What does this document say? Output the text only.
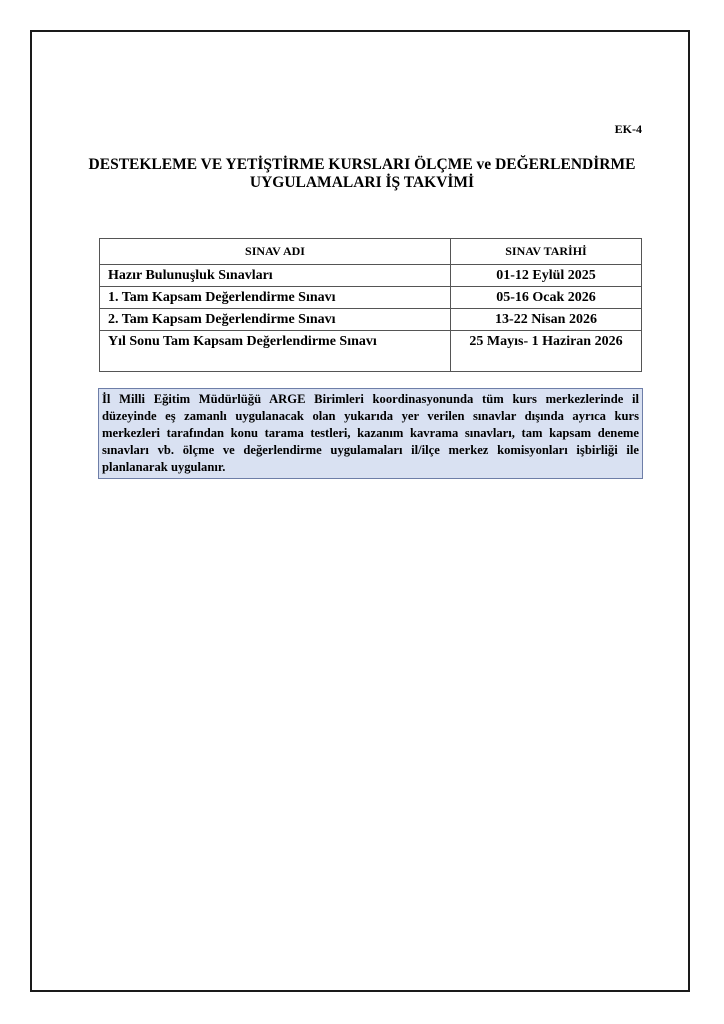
EK-4
DESTEKLEME VE YETİŞTİRME KURSLARI ÖLÇME ve DEĞERLENDİRME
UYGULAMALARI İŞ TAKVİMİ
SINAV ADI	SINAV TARİHİ
Hazır Bulunuşluk Sınavları	01-12 Eylül 2025
1. Tam Kapsam Değerlendirme Sınavı	05-16 Ocak 2026
2. Tam Kapsam Değerlendirme Sınavı	13-22 Nisan 2026
Yıl Sonu Tam Kapsam Değerlendirme Sınavı	25 Mayıs- 1 Haziran 2026
İl Milli Eğitim Müdürlüğü ARGE Birimleri koordinasyonunda tüm kurs merkezlerinde il düzeyinde eş zamanlı uygulanacak olan yukarıda yer verilen sınavlar dışında ayrıca kurs merkezleri tarafından konu tarama testleri, kazanım kavrama sınavları, tam kapsam deneme sınavları vb. ölçme ve değerlendirme uygulamaları il/ilçe merkez komisyonları işbirliği ile planlanarak uygulanır.
